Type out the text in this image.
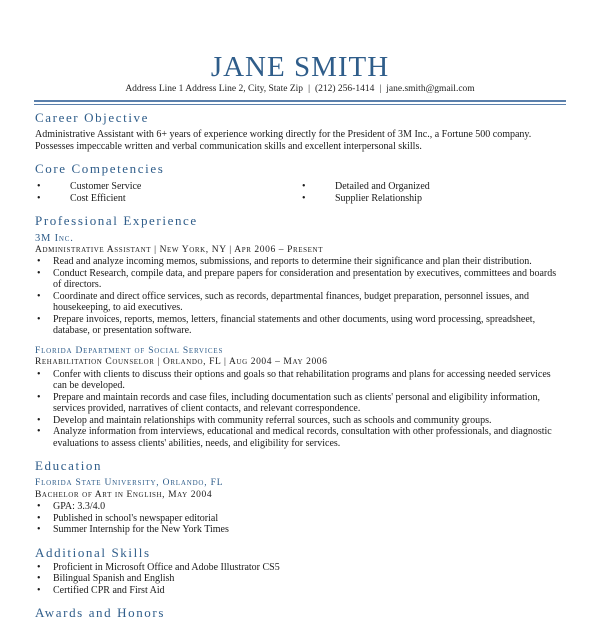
JANE SMITH
Address Line 1 Address Line 2, City, State Zip | (212) 256-1414 | jane.smith@gmail.com
Career Objective

Administrative Assistant with 6+ years of experience working directly for the President of 3M Inc., a Fortune 500 company. Possesses impeccable written and verbal communication skills and excellent interpersonal skills.

Core Competencies
• Customer Service
• Cost Efficient
• Detailed and Organized
• Supplier Relationship
Professional Experience
3M Inc.
Administrative Assistant | New York, NY | Apr 2006 – Present
• Read and analyze incoming memos, submissions, and reports to determine their significance and plan their distribution.
• Conduct Research, compile data, and prepare papers for consideration and presentation by executives, committees and boards of directors.
• Coordinate and direct office services, such as records, departmental finances, budget preparation, personnel issues, and housekeeping, to aid executives.
• Prepare invoices, reports, memos, letters, financial statements and other documents, using word processing, spreadsheet, database, or presentation software.
Florida Department of Social Services
Rehabilitation Counselor | Orlando, FL | Aug 2004 – May 2006
• Confer with clients to discuss their options and goals so that rehabilitation programs and plans for accessing needed services can be developed.
• Prepare and maintain records and case files, including documentation such as clients' personal and eligibility information, services provided, narratives of client contacts, and relevant correspondence.
• Develop and maintain relationships with community referral sources, such as schools and community groups.
• Analyze information from interviews, educational and medical records, consultation with other professionals, and diagnostic evaluations to assess clients' abilities, needs, and eligibility for services.
Education
Florida State University, Orlando, FL
Bachelor of Art in English, May 2004
• GPA: 3.3/4.0
• Published in school's newspaper editorial
• Summer Internship for the New York Times
Additional Skills
• Proficient in Microsoft Office and Adobe Illustrator CS5
• Bilingual Spanish and English
• Certified CPR and First Aid
Awards and Honors
